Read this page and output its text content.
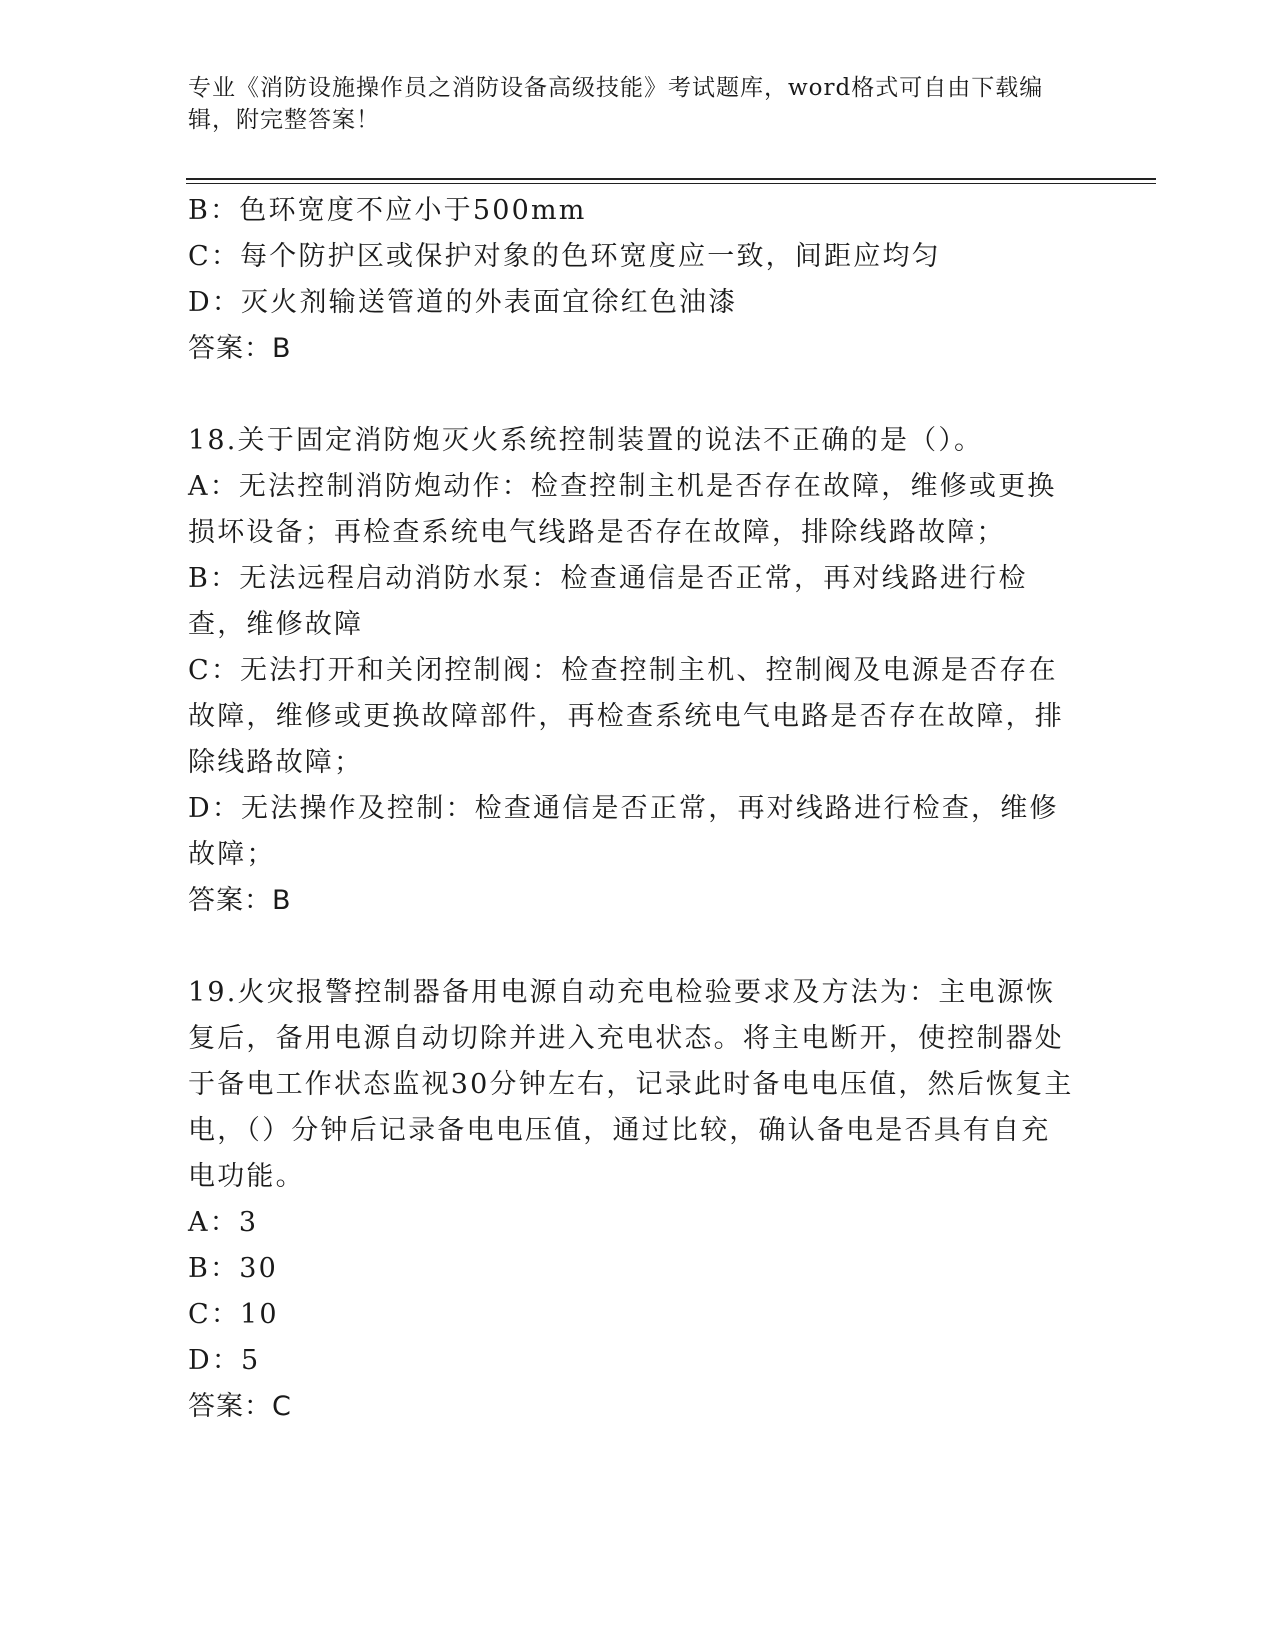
专业《消防设施操作员之消防设备高级技能》考试题库，word格式可自由下载编辑，附完整答案！
B：色环宽度不应小于500mm
C：每个防护区或保护对象的色环宽度应一致，间距应均匀
D：灭火剂输送管道的外表面宜徐红色油漆
答案：B
18.关于固定消防炮灭火系统控制装置的说法不正确的是（）。
A：无法控制消防炮动作：检查控制主机是否存在故障，维修或更换损坏设备；再检查系统电气线路是否存在故障，排除线路故障；
B：无法远程启动消防水泵：检查通信是否正常，再对线路进行检查，维修故障
C：无法打开和关闭控制阀：检查控制主机、控制阀及电源是否存在故障，维修或更换故障部件，再检查系统电气电路是否存在故障，排除线路故障；
D：无法操作及控制：检查通信是否正常，再对线路进行检查，维修故障；
答案：B
19.火灾报警控制器备用电源自动充电检验要求及方法为：主电源恢复后，备用电源自动切除并进入充电状态。将主电断开，使控制器处于备电工作状态监视30分钟左右，记录此时备电电压值，然后恢复主电，（）分钟后记录备电电压值，通过比较，确认备电是否具有自充电功能。
A：3
B：30
C：10
D：5
答案：C
